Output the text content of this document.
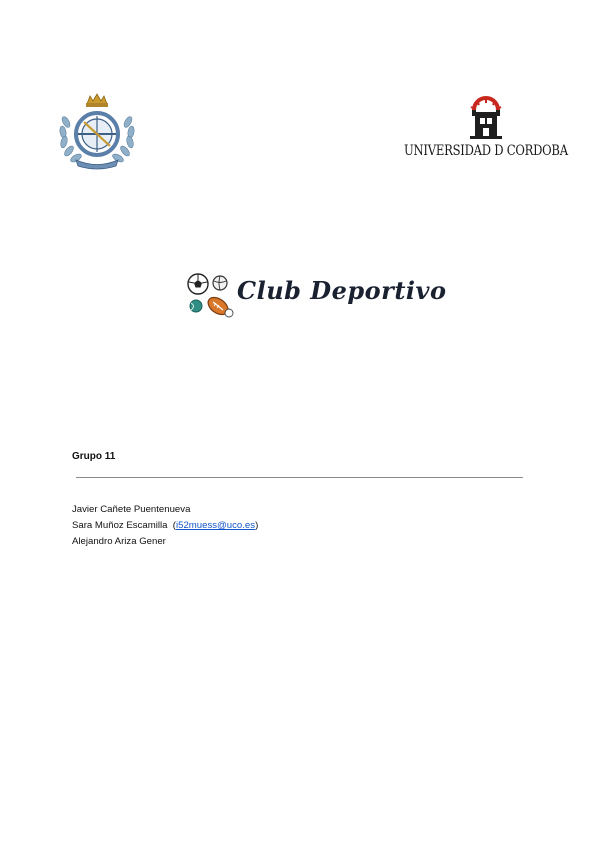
UNIVERSIDAD D CORDOBA
Club Deportivo

Grupo 11

Javier Cañete Puentenueva
Sara Muñoz Escamilla  (i52muess@uco.es)
Alejandro Ariza Gener
